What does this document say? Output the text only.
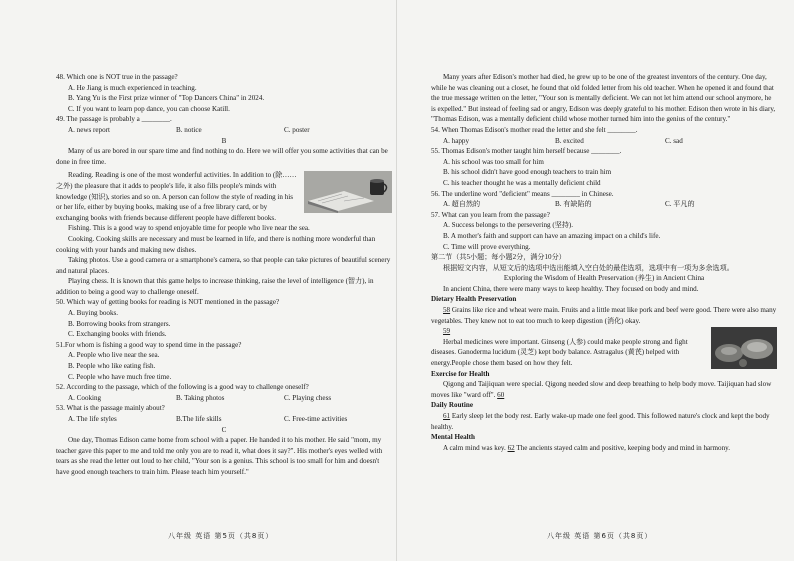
48. Which one is NOT true in the passage?

A. He Jiang is much experienced in teaching.

B. Yang Yu is the First prize winner of "Top Dancers China" in 2024.

C. If you want to learn pop dance, you can choose Katill.

49. The passage is probably a ________.

A. news report	B. notice	C. poster

B

Many of us are bored in our spare time and find nothing to do. Here we will offer you some activities that can be done in free time.

Reading. Reading is one of the most wonderful activities. In addition to (除……之外) the pleasure that it adds to people's life, it also fills people's minds with knowledge (知识), stories and so on. A person can follow the style of reading in his or her life, either by buying books, making use of a free library card, or by exchanging books with friends because different people have different books.

Fishing. This is a good way to spend enjoyable time for people who live near the sea.

Cooking. Cooking skills are necessary and must be learned in life, and there is nothing more wonderful than cooking with your hands and making new dishes.

Taking photos. Use a good camera or a smartphone's camera, so that people can take pictures of beautiful scenery and natural places.

Playing chess. It is known that this game helps to increase thinking, raise the level of intelligence (智力), in addition to being a good way to challenge oneself.

50. Which way of getting books for reading is NOT mentioned in the passage?

A. Buying books.

B. Borrowing books from strangers.

C. Exchanging books with friends.

51.For whom is fishing a good way to spend time in the passage?

A. People who live near the sea.

B. People who like eating fish.

C. People who have much free time.

52. According to the passage, which of the following is a good way to challenge oneself?

A. Cooking	B. Taking photos	C. Playing chess

53. What is the passage mainly about?

A. The life styles	B.The life skills	C. Free-time activities

C

One day, Thomas Edison came home from school with a paper. He handed it to his mother. He said "mom, my teacher gave this paper to me and told me only you are to read it, what does it say?". His mother's eyes welled with tears as she read the letter out loud to her child, "Your son is a genius. This school is too small for him and doesn't have good enough teachers to train him. Please teach him yourself."

八年级 英语 第5页（共8页）

Many years after Edison's mother had died, he grew up to be one of the greatest inventors of the century. One day, while he was cleaning out a closet, he found that old folded letter from his old teacher. When he opened it and found that the true message written on the letter, "Your son is mentally deficient. We can not let him attend our school anymore, he is expelled." But instead of feeling sad or angry, Edison was deeply grateful to his mother. Edison then wrote in his diary, "Thomas Edison, was a mentally deficient child whose mother turned him into the genius of the century."

54. When Thomas Edison's mother read the letter and she felt ________.

A. happy	B. excited	C. sad

55. Thomas Edison's mother taught him herself because ________.

A. his school was too small for him

B. his school didn't have good enough teachers to train him

C. his teacher thought he was a mentally deficient child

56. The underline word "deficient" means ________ in Chinese.

A. 超自然的	B. 有缺陷的	C. 平凡的

57. What can you learn from the passage?

A. Success belongs to the persevering (坚持).

B. A mother's faith and support can have an amazing impact on a child's life.

C. Time will prove everything.

第二节（共5小题；每小题2分，满分10分）

根据短文内容，从短文后的选项中选出能填入空白处的最佳选项，选项中有一项为多余选项。

Exploring the Wisdom of Health Preservation (养生) in Ancient China

In ancient China, there were many ways to keep healthy. They focused on body and mind.

Dietary Health Preservation

58 Grains like rice and wheat were main. Fruits and a little meat like pork and beef were good. There were also many vegetables. They knew not to eat too much to keep digestion (消化) okay.

59

Herbal medicines were important. Ginseng (人参) could make people strong and fight diseases. Ganoderma lucidum (灵芝) kept body balance. Astragalus (黄芪) helped with energy.People chose them based on how they felt.

Exercise for Health

Qigong and Taijiquan were special. Qigong needed slow and deep breathing to help body move. Taijiquan had slow moves like "ward off". 60

Daily Routine

61 Early sleep let the body rest. Early wake-up made one feel good. This followed nature's clock and kept the body healthy.

Mental Health

A calm mind was key. 62 The ancients stayed calm and positive, keeping body and mind in harmony.

八年级 英语 第6页（共8页）
